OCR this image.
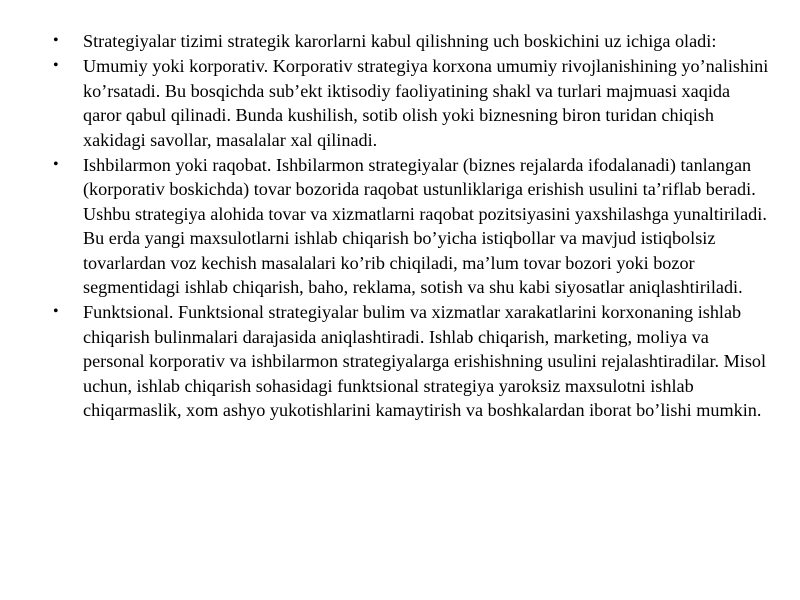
• Strategiyalar tizimi strategik karorlarni kabul qilishning uch boskichini uz ichiga oladi:
• Umumiy yoki korporativ. Korporativ strategiya korxona umumiy rivojlanishining yo’nalishini ko’rsatadi. Bu bosqichda sub’ekt iktisodiy faoliyatining shakl va turlari majmuasi xaqida qaror qabul qilinadi. Bunda kushilish, sotib olish yoki biznesning biron turidan chiqish xakidagi savollar, masalalar xal qilinadi.
• Ishbilarmon yoki raqobat. Ishbilarmon strategiyalar (biznes rejalarda ifodalanadi) tanlangan (korporativ boskichda) tovar bozorida raqobat ustunliklariga erishish usulini ta’riflab beradi. Ushbu strategiya alohida tovar va xizmatlarni raqobat pozitsiyasini yaxshilashga yunaltiriladi. Bu erda yangi maxsulotlarni ishlab chiqarish bo’yicha istiqbollar va mavjud istiqbolsiz tovarlardan voz kechish masalalari ko’rib chiqiladi, ma’lum tovar bozori yoki bozor segmentidagi ishlab chiqarish, baho, reklama, sotish va shu kabi siyosatlar aniqlashtiriladi.
• Funktsional. Funktsional strategiyalar bulim va xizmatlar xarakatlarini korxonaning ishlab chiqarish bulinmalari darajasida aniqlashtiradi. Ishlab chiqarish, marketing, moliya va personal korporativ va ishbilarmon strategiyalarga erishishning usulini rejalashtiradilar. Misol uchun, ishlab chiqarish sohasidagi funktsional strategiya yaroksiz maxsulotni ishlab chiqarmaslik, xom ashyo yukotishlarini kamaytirish va boshkalardan iborat bo’lishi mumkin.
